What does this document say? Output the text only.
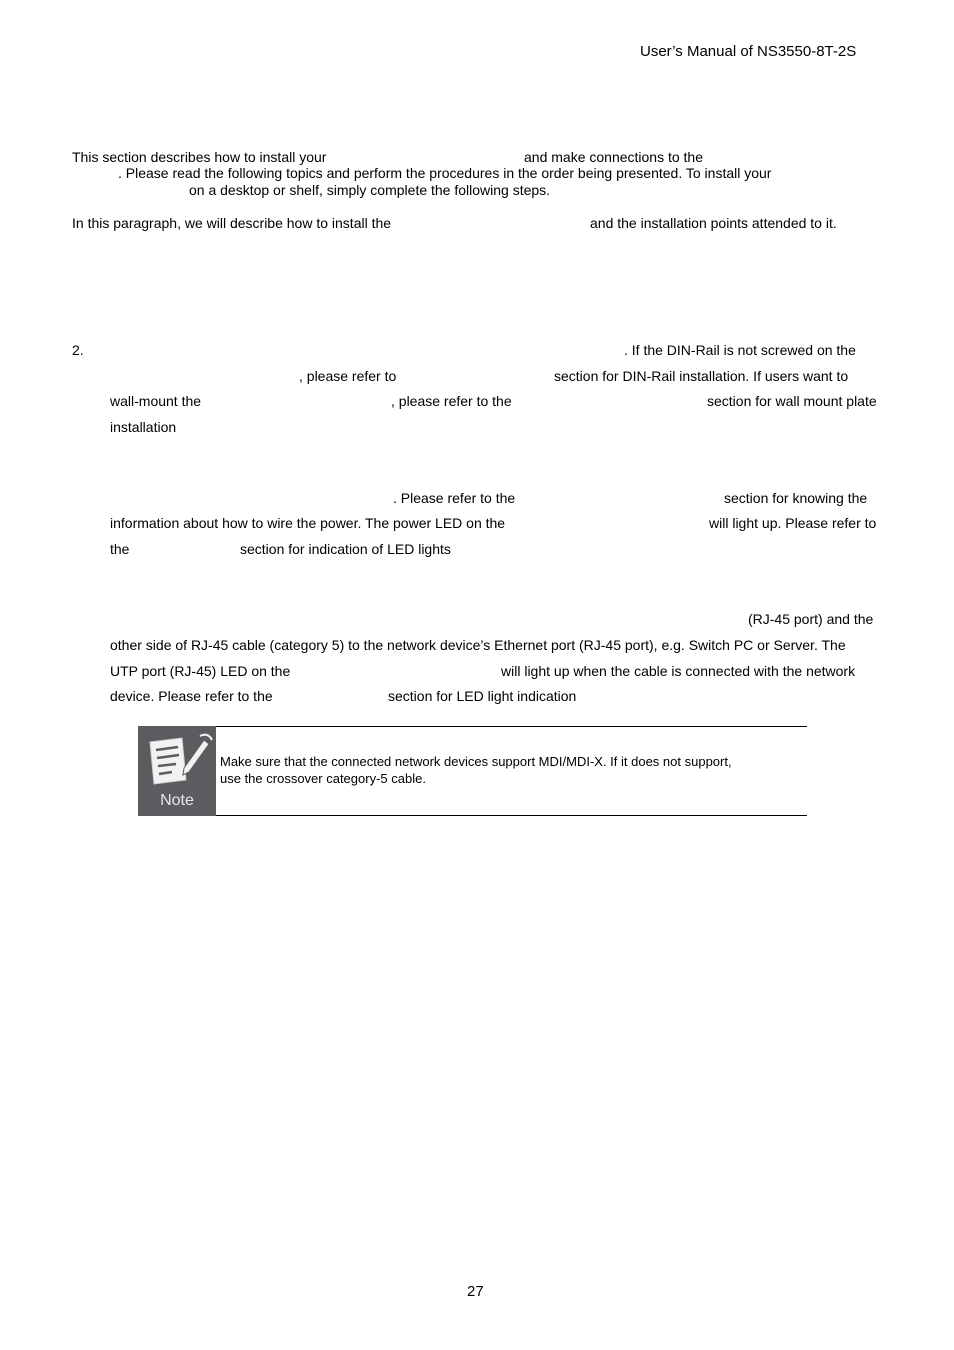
User’s Manual of NS3550-8T-2S
This section describes how to install your	and make connections to the
. Please read the following topics and perform the procedures in the order being presented. To install your
on a desktop or shelf, simply complete the following steps.
In this paragraph, we will describe how to install the	and the installation points attended to it.
2.	. If the DIN-Rail is not screwed on the
, please refer to	section for DIN-Rail installation. If users want to
wall-mount the	, please refer to the	section for wall mount plate
installation
. Please refer to the	section for knowing the
information about how to wire the power. The power LED on the	will light up. Please refer to
the	section for indication of LED lights
(RJ-45 port) and the
other side of RJ-45 cable (category 5) to the network device’s Ethernet port (RJ-45 port), e.g. Switch PC or Server. The
UTP port (RJ-45) LED on the	will light up when the cable is connected with the network
device. Please refer to the	section for LED light indication
Note
Make sure that the connected network devices support MDI/MDI-X. If it does not support,
use the crossover category-5 cable.
27
